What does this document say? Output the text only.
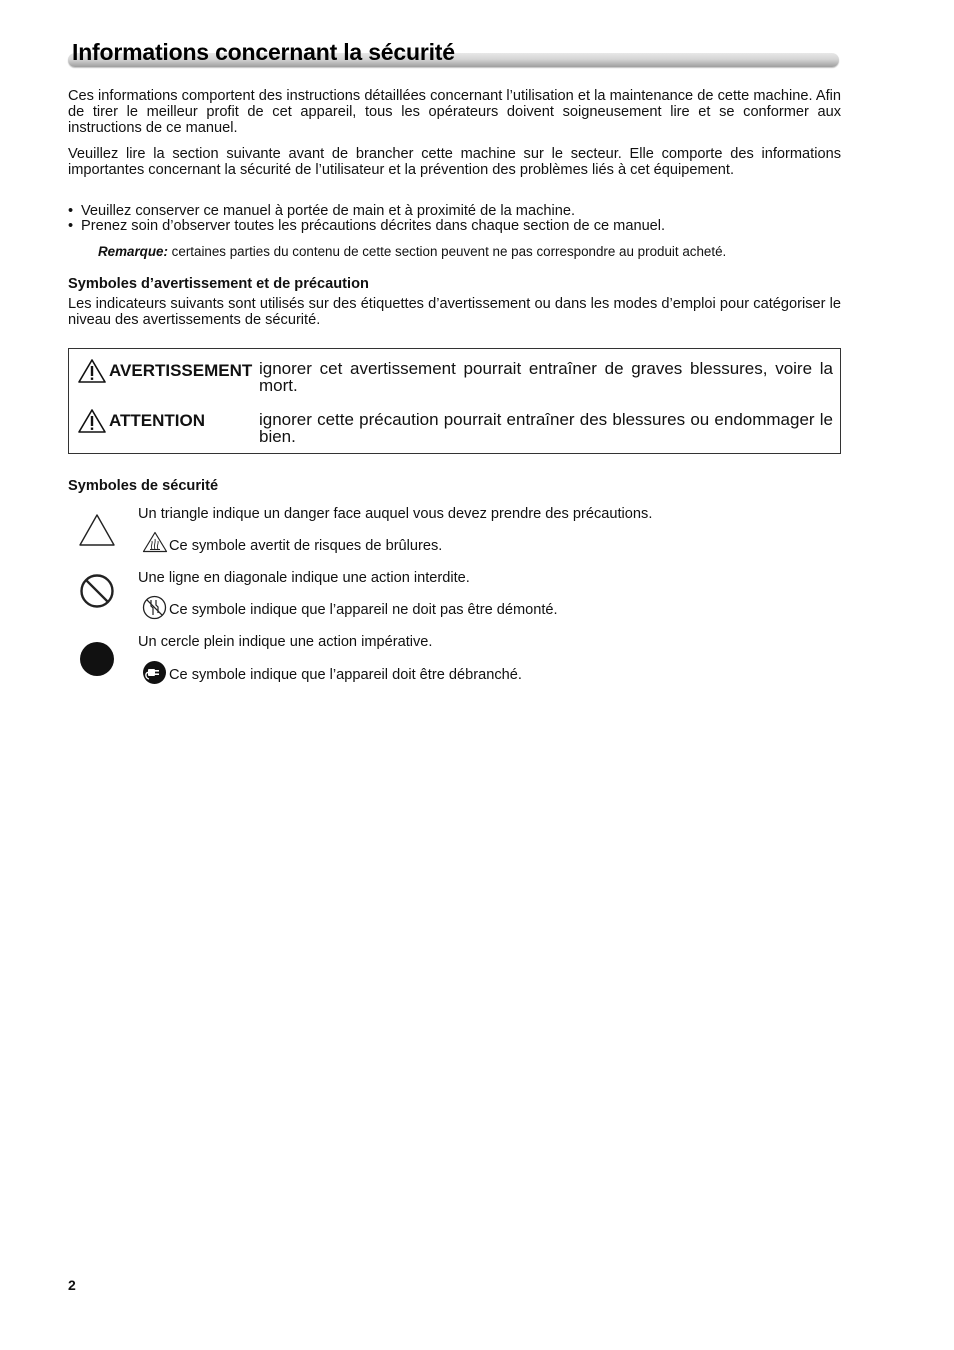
Informations concernant la sécurité

Ces informations comportent des instructions détaillées concernant l’utilisation et la maintenance de cette machine. Afin de tirer le meilleur profit de cet appareil, tous les opérateurs doivent soigneusement lire et se conformer aux instructions de ce manuel.

Veuillez lire la section suivante avant de brancher cette machine sur le secteur. Elle comporte des informations importantes concernant la sécurité de l’utilisateur et la prévention des problèmes liés à cet équipement.

• Veuillez conserver ce manuel à portée de main et à proximité de la machine.
• Prenez soin d’observer toutes les précautions décrites dans chaque section de ce manuel.
Remarque: certaines parties du contenu de cette section peuvent ne pas correspondre au produit acheté.
Symboles d’avertissement et de précaution

Les indicateurs suivants sont utilisés sur des étiquettes d’avertissement ou dans les modes d’emploi pour catégoriser le niveau des avertissements de sécurité.

AVERTISSEMENT ignorer cet avertissement pourrait entraîner de graves blessures, voire la mort.
ATTENTION	ignorer cette précaution pourrait entraîner des blessures ou endommager le bien.
Symboles de sécurité
Un triangle indique un danger face auquel vous devez prendre des précautions.
Ce symbole avertit de risques de brûlures.
Une ligne en diagonale indique une action interdite.
Ce symbole indique que l’appareil ne doit pas être démonté.
Un cercle plein indique une action impérative.
Ce symbole indique que l’appareil doit être débranché.
2
